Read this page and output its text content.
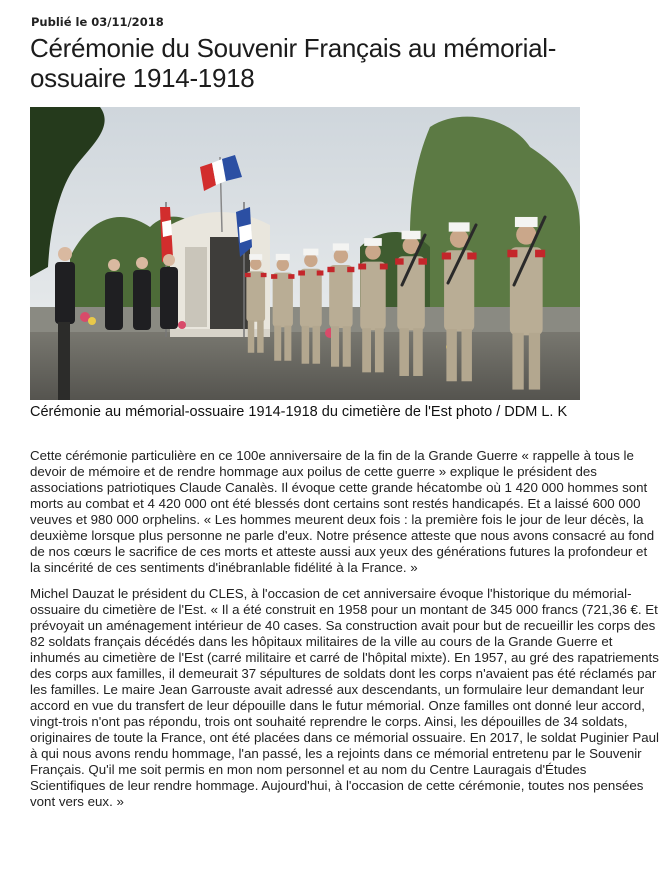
Publié le 03/11/2018
Cérémonie du Souvenir Français au mémorial-ossuaire 1914-1918
Cérémonie au mémorial-ossuaire 1914-1918 du cimetière de l'Est photo / DDM L. K

Cette cérémonie particulière en ce 100e anniversaire de la fin de la Grande Guerre « rappelle à tous le devoir de mémoire et de rendre hommage aux poilus de cette guerre » explique le président des associations patriotiques Claude Canalès. Il évoque cette grande hécatombe où 1 420 000 hommes sont morts au combat et 4 420 000 ont été blessés dont certains sont restés handicapés. Et a laissé 600 000 veuves et 980 000 orphelins. « Les hommes meurent deux fois : la première fois le jour de leur décès, la deuxième lorsque plus personne ne parle d'eux. Notre présence atteste que nous avons consacré au fond de nos cœurs le sacrifice de ces morts et atteste aussi aux yeux des générations futures la profondeur et la sincérité de ces sentiments d'inébranlable fidélité à la France. »

Michel Dauzat le président du CLES, à l'occasion de cet anniversaire évoque l'historique du mémorial-ossuaire du cimetière de l'Est. « Il a été construit en 1958 pour un montant de 345 000 francs (721,36 €. Et prévoyait un aménagement intérieur de 40 cases. Sa construction avait pour but de recueillir les corps des 82 soldats français décédés dans les hôpitaux militaires de la ville au cours de la Grande Guerre et inhumés au cimetière de l'Est (carré militaire et carré de l'hôpital mixte). En 1957, au gré des rapatriements des corps aux familles, il demeurait 37 sépultures de soldats dont les corps n'avaient pas été réclamés par les familles. Le maire Jean Garrouste avait adressé aux descendants, un formulaire leur demandant leur accord en vue du transfert de leur dépouille dans le futur mémorial. Onze familles ont donné leur accord, vingt-trois n'ont pas répondu, trois ont souhaité reprendre le corps. Ainsi, les dépouilles de 34 soldats, originaires de toute la France, ont été placées dans ce mémorial ossuaire. En 2017, le soldat Puginier Paul à qui nous avons rendu hommage, l'an passé, les a rejoints dans ce mémorial entretenu par le Souvenir Français. Qu'il me soit permis en mon nom personnel et au nom du Centre Lauragais d'Études Scientifiques de leur rendre hommage. Aujourd'hui, à l'occasion de cette cérémonie, toutes nos pensées vont vers eux. »
